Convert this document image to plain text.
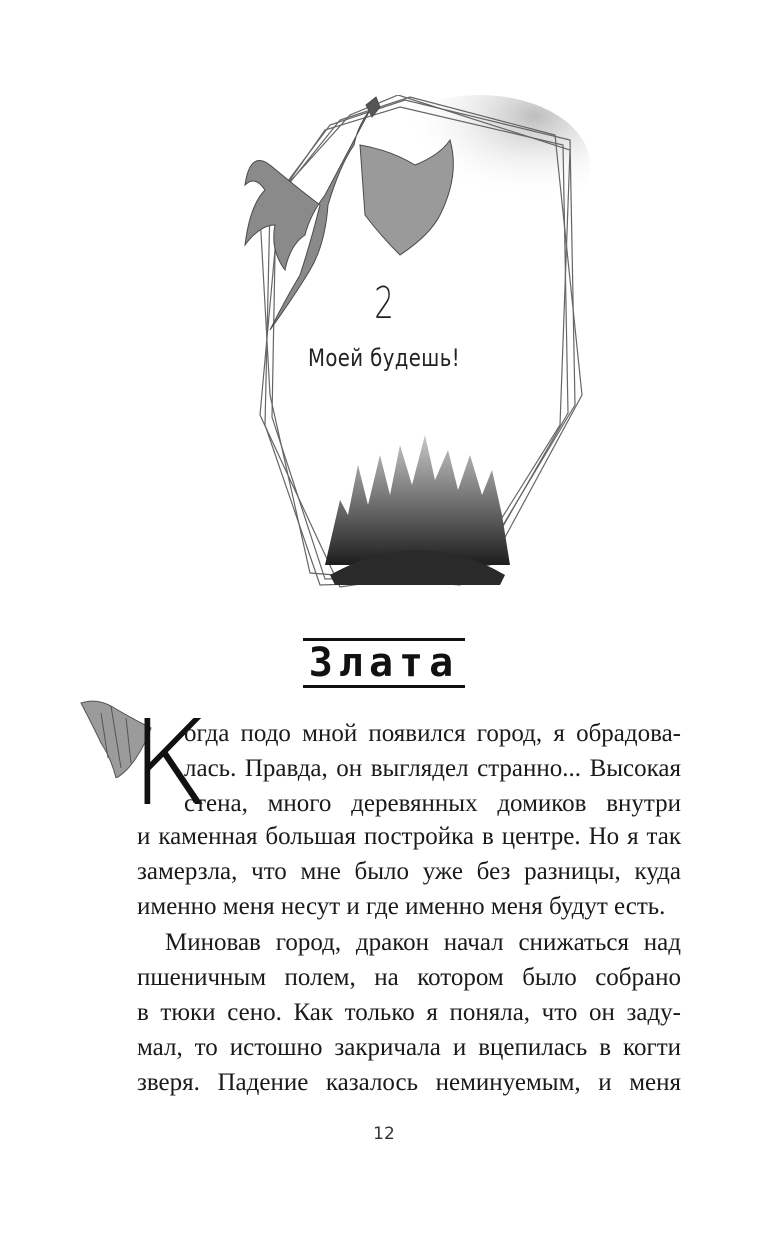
2
Моей будешь!
Злата
К
огда подо мной появился город, я обрадова-
лась. Правда, он выглядел странно... Высокая
стена, много деревянных домиков внутри
и каменная большая постройка в центре. Но я так
замерзла, что мне было уже без разницы, куда
именно меня несут и где именно меня будут есть.
Миновав город, дракон начал снижаться над
пшеничным полем, на котором было собрано
в тюки сено. Как только я поняла, что он заду-
мал, то истошно закричала и вцепилась в когти
зверя. Падение казалось неминуемым, и меня
12
